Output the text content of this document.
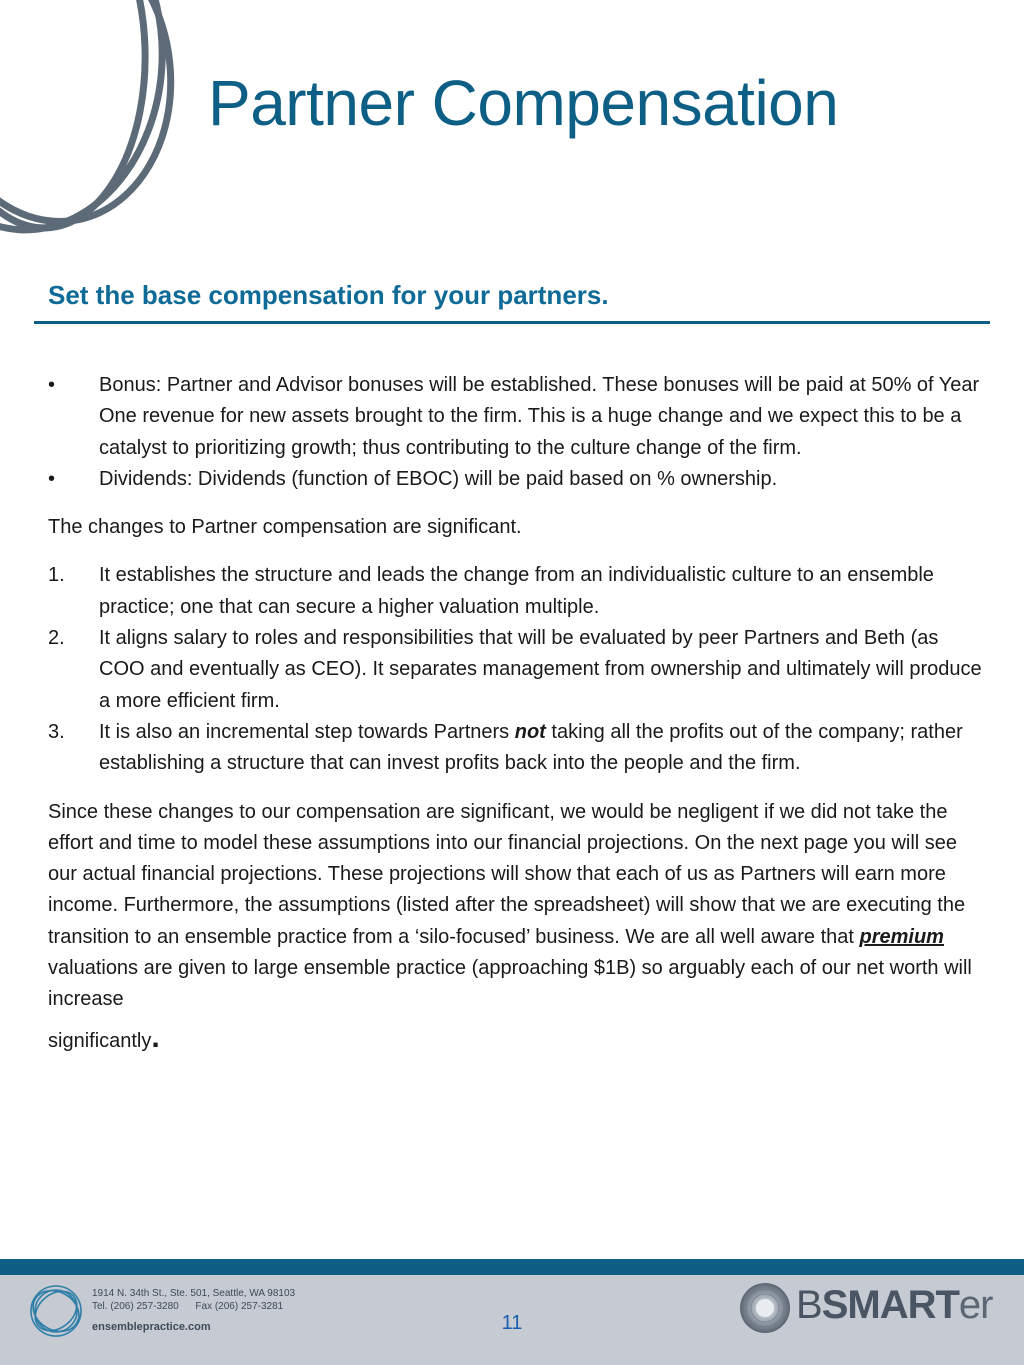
Partner Compensation
Set the base compensation for your partners.
• Bonus: Partner and Advisor bonuses will be established. These bonuses will be paid at 50% of Year One revenue for new assets brought to the firm. This is a huge change and we expect this to be a catalyst to prioritizing growth; thus contributing to the culture change of the firm.
• Dividends: Dividends (function of EBOC) will be paid based on % ownership.

The changes to Partner compensation are significant.

1. It establishes the structure and leads the change from an individualistic culture to an ensemble practice; one that can secure a higher valuation multiple.
2. It aligns salary to roles and responsibilities that will be evaluated by peer Partners and Beth (as COO and eventually as CEO). It separates management from ownership and ultimately will produce a more efficient firm.
3. It is also an incremental step towards Partners not taking all the profits out of the company; rather establishing a structure that can invest profits back into the people and the firm.

Since these changes to our compensation are significant, we would be negligent if we did not take the effort and time to model these assumptions into our financial projections. On the next page you will see our actual financial projections. These projections will show that each of us as Partners will earn more income. Furthermore, the assumptions (listed after the spreadsheet) will show that we are executing the transition to an ensemble practice from a ‘silo-focused’ business. We are all well aware that premium valuations are given to large ensemble practice (approaching $1B) so arguably each of our net worth will increase

significantly.

1914 N. 34th St., Ste. 501, Seattle, WA 98103
Tel. (206) 257-3280      Fax (206) 257-3281
ensemblepractice.com	11	BSMARTer
